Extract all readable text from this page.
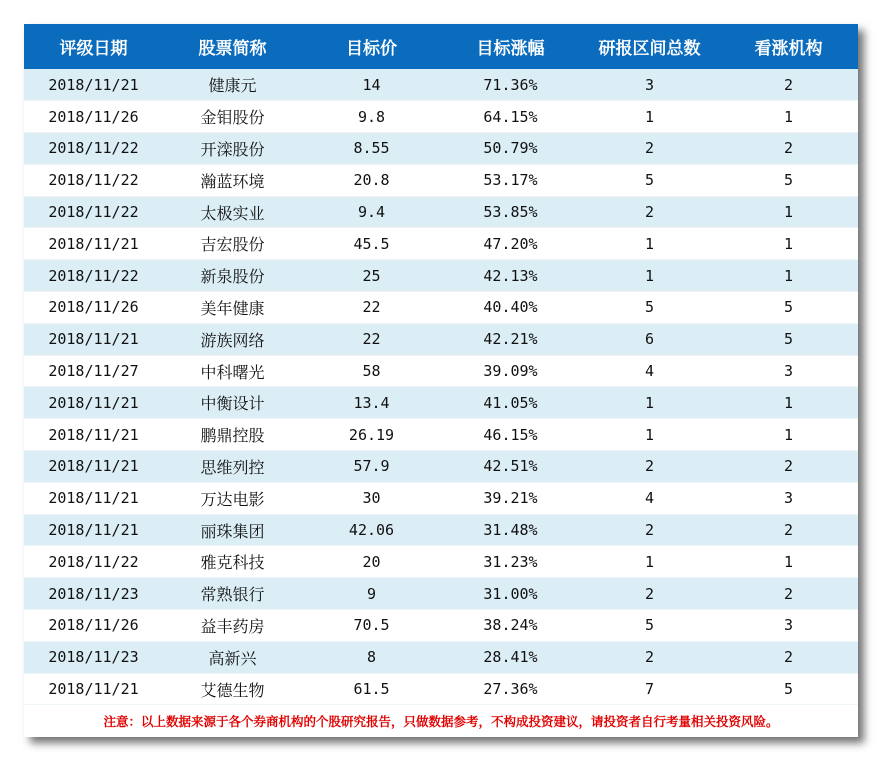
评级日期	股票简称	目标价	目标涨幅	研报区间总数	看涨机构
2018/11/21	健康元	14	71.36%	3	2
2018/11/26	金钼股份	9.8	64.15%	1	1
2018/11/22	开滦股份	8.55	50.79%	2	2
2018/11/22	瀚蓝环境	20.8	53.17%	5	5
2018/11/22	太极实业	9.4	53.85%	2	1
2018/11/21	吉宏股份	45.5	47.20%	1	1
2018/11/22	新泉股份	25	42.13%	1	1
2018/11/26	美年健康	22	40.40%	5	5
2018/11/21	游族网络	22	42.21%	6	5
2018/11/27	中科曙光	58	39.09%	4	3
2018/11/21	中衡设计	13.4	41.05%	1	1
2018/11/21	鹏鼎控股	26.19	46.15%	1	1
2018/11/21	思维列控	57.9	42.51%	2	2
2018/11/21	万达电影	30	39.21%	4	3
2018/11/21	丽珠集团	42.06	31.48%	2	2
2018/11/22	雅克科技	20	31.23%	1	1
2018/11/23	常熟银行	9	31.00%	2	2
2018/11/26	益丰药房	70.5	38.24%	5	3
2018/11/23	高新兴	8	28.41%	2	2
2018/11/21	艾德生物	61.5	27.36%	7	5
注意：以上数据来源于各个券商机构的个股研究报告，只做数据参考，不构成投资建议，请投资者自行考量相关投资风险。
